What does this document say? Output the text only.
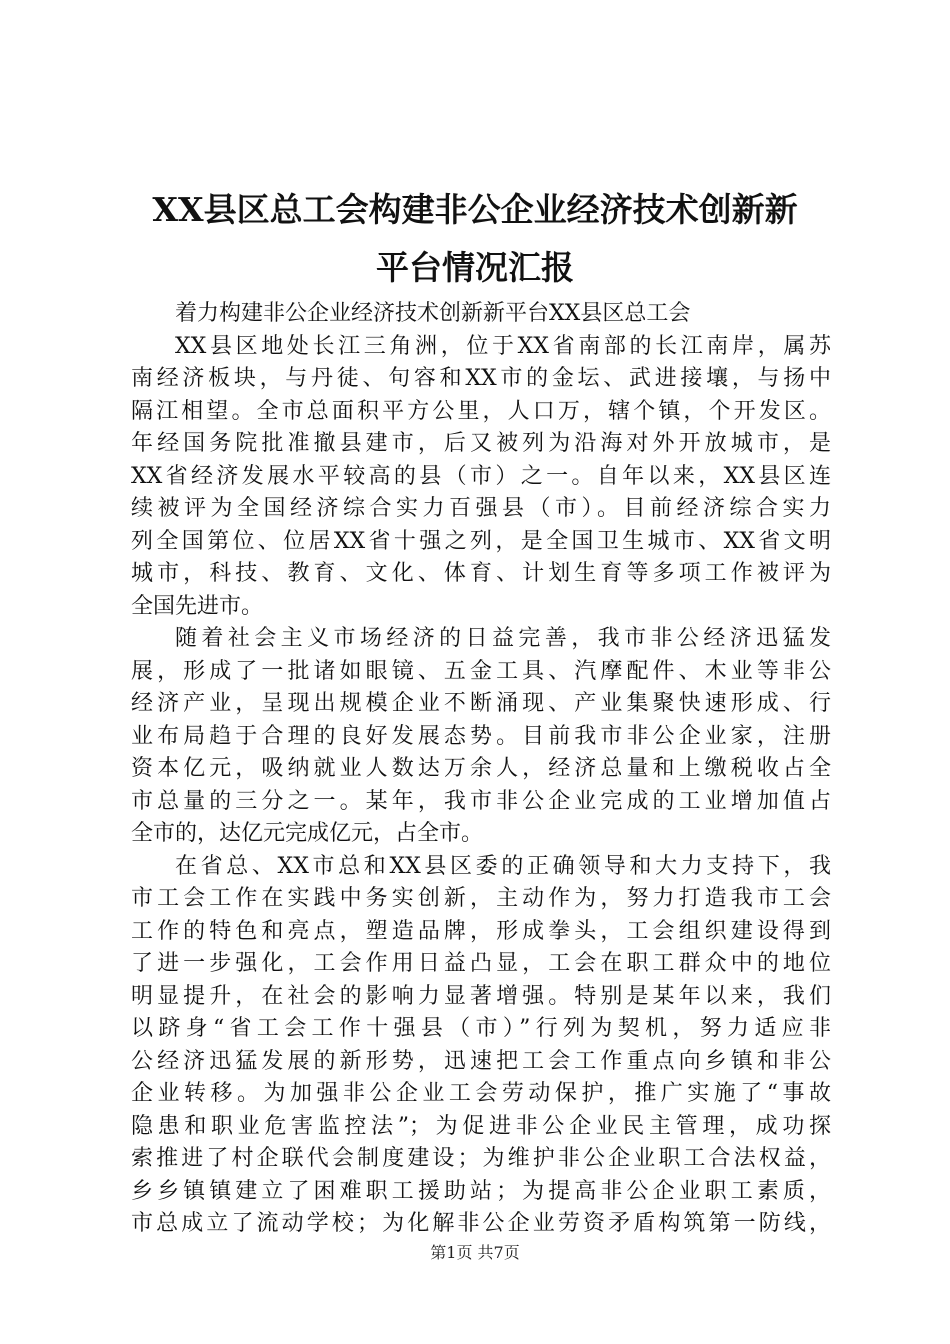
XX县区总工会构建非公企业经济技术创新新
平台情况汇报
着力构建非公企业经济技术创新新平台XX县区总工会
XX县区地处长江三角洲，位于XX省南部的长江南岸，属苏
南经济板块，与丹徒、句容和XX市的金坛、武进接壤，与扬中
隔江相望。全市总面积平方公里，人口万，辖个镇，个开发区。
年经国务院批准撤县建市，后又被列为沿海对外开放城市，是
XX省经济发展水平较高的县（市）之一。自年以来，XX县区连
续被评为全国经济综合实力百强县（市）。目前经济综合实力
列全国第位、位居XX省十强之列，是全国卫生城市、XX省文明
城市，科技、教育、文化、体育、计划生育等多项工作被评为
全国先进市。
随着社会主义市场经济的日益完善，我市非公经济迅猛发
展，形成了一批诸如眼镜、五金工具、汽摩配件、木业等非公
经济产业，呈现出规模企业不断涌现、产业集聚快速形成、行
业布局趋于合理的良好发展态势。目前我市非公企业家，注册
资本亿元，吸纳就业人数达万余人，经济总量和上缴税收占全
市总量的三分之一。某年，我市非公企业完成的工业增加值占
全市的，达亿元完成亿元，占全市。
在省总、XX市总和XX县区委的正确领导和大力支持下，我
市工会工作在实践中务实创新，主动作为，努力打造我市工会
工作的特色和亮点，塑造品牌，形成拳头，工会组织建设得到
了进一步强化，工会作用日益凸显，工会在职工群众中的地位
明显提升，在社会的影响力显著增强。特别是某年以来，我们
以跻身“省工会工作十强县（市）”行列为契机，努力适应非
公经济迅猛发展的新形势，迅速把工会工作重点向乡镇和非公
企业转移。为加强非公企业工会劳动保护，推广实施了“事故
隐患和职业危害监控法”；为促进非公企业民主管理，成功探
索推进了村企联代会制度建设；为维护非公企业职工合法权益，
乡乡镇镇建立了困难职工援助站；为提高非公企业职工素质，
市总成立了流动学校；为化解非公企业劳资矛盾构筑第一防线，
第1页 共7页
